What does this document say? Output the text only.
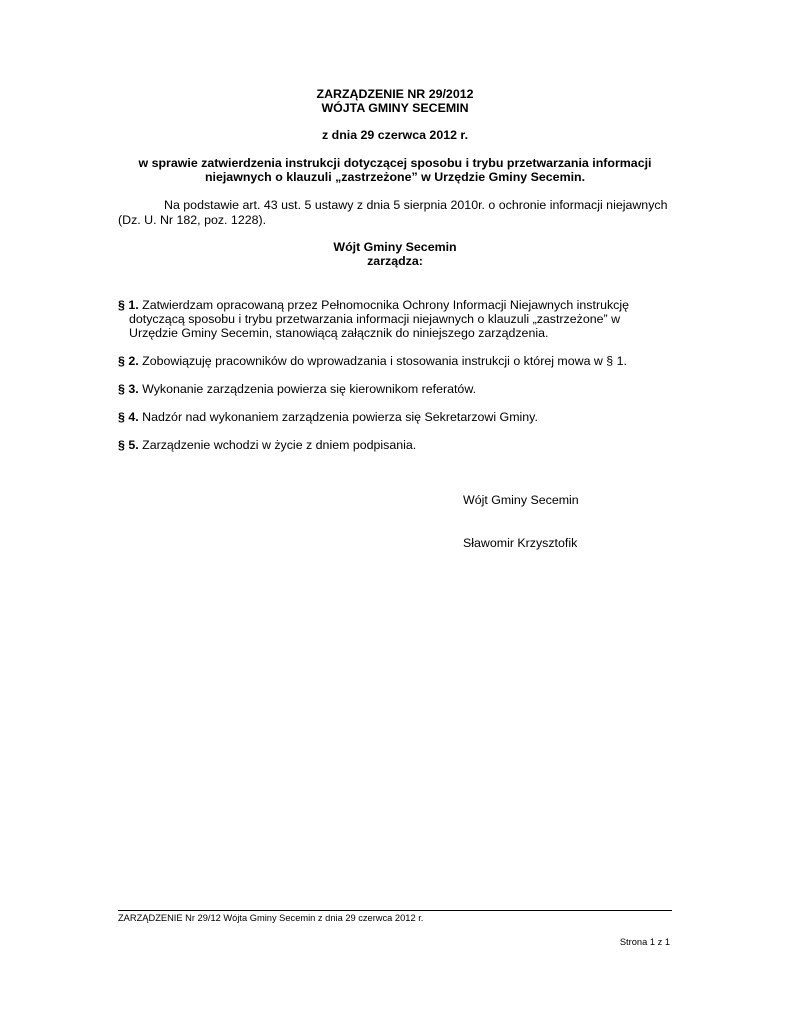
ZARZĄDZENIE NR 29/2012
WÓJTA GMINY SECEMIN
z dnia 29 czerwca 2012 r.
w sprawie zatwierdzenia instrukcji dotyczącej sposobu i trybu przetwarzania informacji
niejawnych o klauzuli „zastrzeżone” w Urzędzie Gminy Secemin.
Na podstawie art. 43 ust. 5 ustawy z dnia 5 sierpnia 2010r. o ochronie informacji niejawnych
(Dz. U. Nr 182, poz. 1228).
Wójt Gminy Secemin
zarządza:
§ 1. Zatwierdzam opracowaną przez Pełnomocnika Ochrony Informacji Niejawnych instrukcję
dotyczącą sposobu i trybu przetwarzania informacji niejawnych o klauzuli „zastrzeżone” w
Urzędzie Gminy Secemin, stanowiącą załącznik do niniejszego zarządzenia.
§ 2. Zobowiązuję pracowników do wprowadzania i stosowania instrukcji o której mowa w § 1.
§ 3. Wykonanie zarządzenia powierza się kierownikom referatów.
§ 4. Nadzór nad wykonaniem zarządzenia powierza się Sekretarzowi Gminy.
§ 5. Zarządzenie wchodzi w życie z dniem podpisania.
Wójt Gminy Secemin
Sławomir Krzysztofik
ZARZĄDZENIE Nr 29/12 Wójta Gminy Secemin z dnia 29 czerwca 2012 r.
Strona 1 z 1
